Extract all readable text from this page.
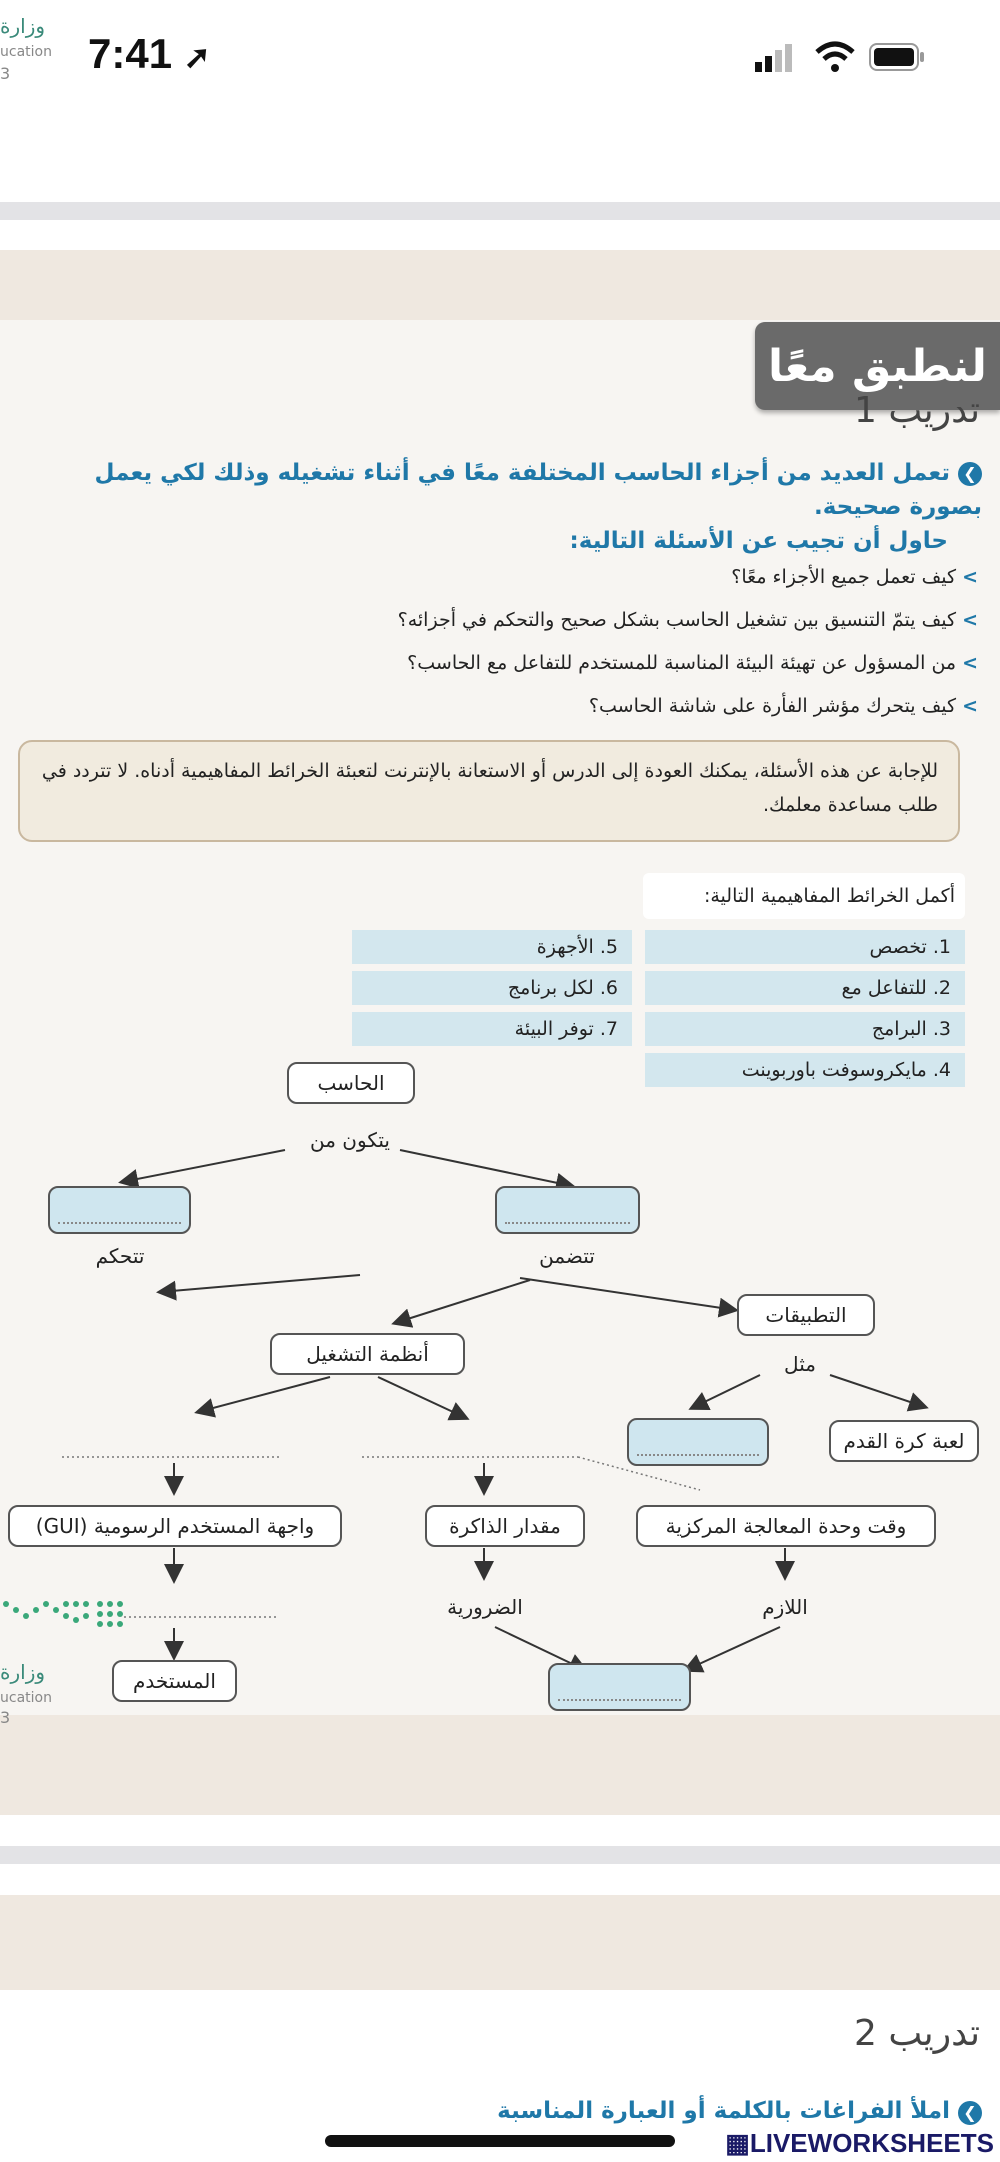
وزارة
ucation
3 7:41 ➚
لنطبق معًا
تدريب 1
❯تعمل العديد من أجزاء الحاسب المختلفة معًا في أثناء تشغيله وذلك لكي يعمل بصورة صحيحة.
حاول أن تجيب عن الأسئلة التالية:
>كيف تعمل جميع الأجزاء معًا؟
>كيف يتمّ التنسيق بين تشغيل الحاسب بشكل صحيح والتحكم في أجزائه؟
>من المسؤول عن تهيئة البيئة المناسبة للمستخدم للتفاعل مع الحاسب؟
>كيف يتحرك مؤشر الفأرة على شاشة الحاسب؟
للإجابة عن هذه الأسئلة، يمكنك العودة إلى الدرس أو الاستعانة بالإنترنت لتعبئة الخرائط المفاهيمية أدناه. لا تتردد في طلب مساعدة معلمك.
أكمل الخرائط المفاهيمية التالية:
1. تخصص
2. للتفاعل مع
3. البرامج
4. مايكروسوفت باوربوينت
5. الأجهزة
6. لكل برنامج
7. توفر البيئة
الحاسب
يتكون من
تتحكم	تتضمن
التطبيقات
أنظمة التشغيل	مثل
لعبة كرة القدم
واجهة المستخدم الرسومية (GUI)	مقدار الذاكرة	وقت وحدة المعالجة المركزية
الضرورية	اللازم
المستخدم
وزارة
ucation
3
تدريب 2
❯املأ الفراغات بالكلمة أو العبارة المناسبة
▦LIVEWORKSHEETS
